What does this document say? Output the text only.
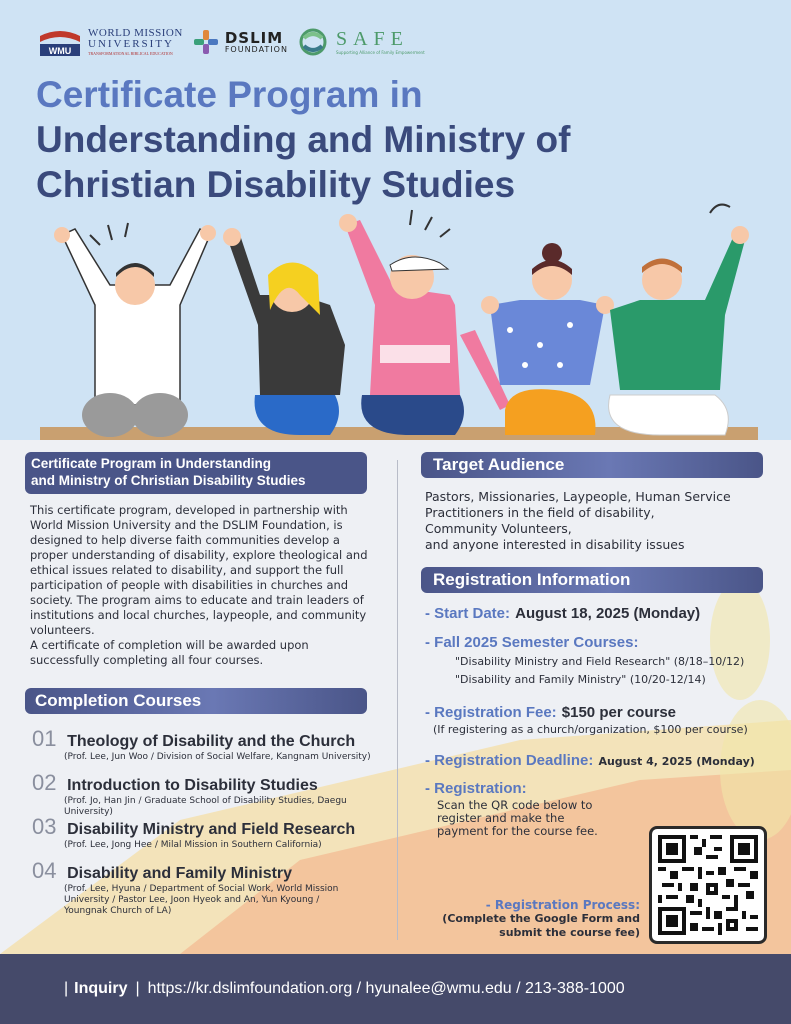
WMU
WORLD MISSION
UNIVERSITY
TRANSFORMATIONAL BIBLICAL EDUCATION
DSLIM
FOUNDATION SAFE
Supporting Alliance of Family Empowerment
Certificate Program in
Understanding and Ministry of
Christian Disability Studies
Certificate Program in Understanding
and Ministry of Christian Disability Studies
This certificate program, developed in partnership with World Mission University and the DSLIM Foundation, is designed to help diverse faith communities develop a proper understanding of disability, explore theological and ethical issues related to disability, and support the full participation of people with disabilities in churches and society. The program aims to educate and train leaders of institutions and local churches, laypeople, and community volunteers.
A certificate of completion will be awarded upon successfully completing all four courses.
Completion Courses
01 Theology of Disability and the Church
(Prof. Lee, Jun Woo / Division of Social Welfare, Kangnam University)
02 Introduction to Disability Studies
(Prof. Jo, Han Jin / Graduate School of Disability Studies, Daegu University)
03 Disability Ministry and Field Research
(Prof. Lee, Jong Hee / Milal Mission in Southern California)
04 Disability and Family Ministry
(Prof. Lee, Hyuna / Department of Social Work, World Mission University / Pastor Lee, Joon Hyeok and An, Yun Kyoung / Youngnak Church of LA)
Target Audience
Pastors, Missionaries, Laypeople, Human Service
Practitioners in the field of disability,
Community Volunteers,
and anyone interested in disability issues
Registration Information
- Start Date: August 18, 2025 (Monday)
- Fall 2025 Semester Courses:
"Disability Ministry and Field Research" (8/18–10/12)
"Disability and Family Ministry" (10/20-12/14)
- Registration Fee: $150 per course
(If registering as a church/organization, $100 per course)
- Registration Deadline: August 4, 2025 (Monday)
- Registration:
Scan the QR code below to
register and make the
payment for the course fee.
- Registration Process:
(Complete the Google Form and
submit the course fee)
| Inquiry | https://kr.dslimfoundation.org / hyunalee@wmu.edu / 213-388-1000
